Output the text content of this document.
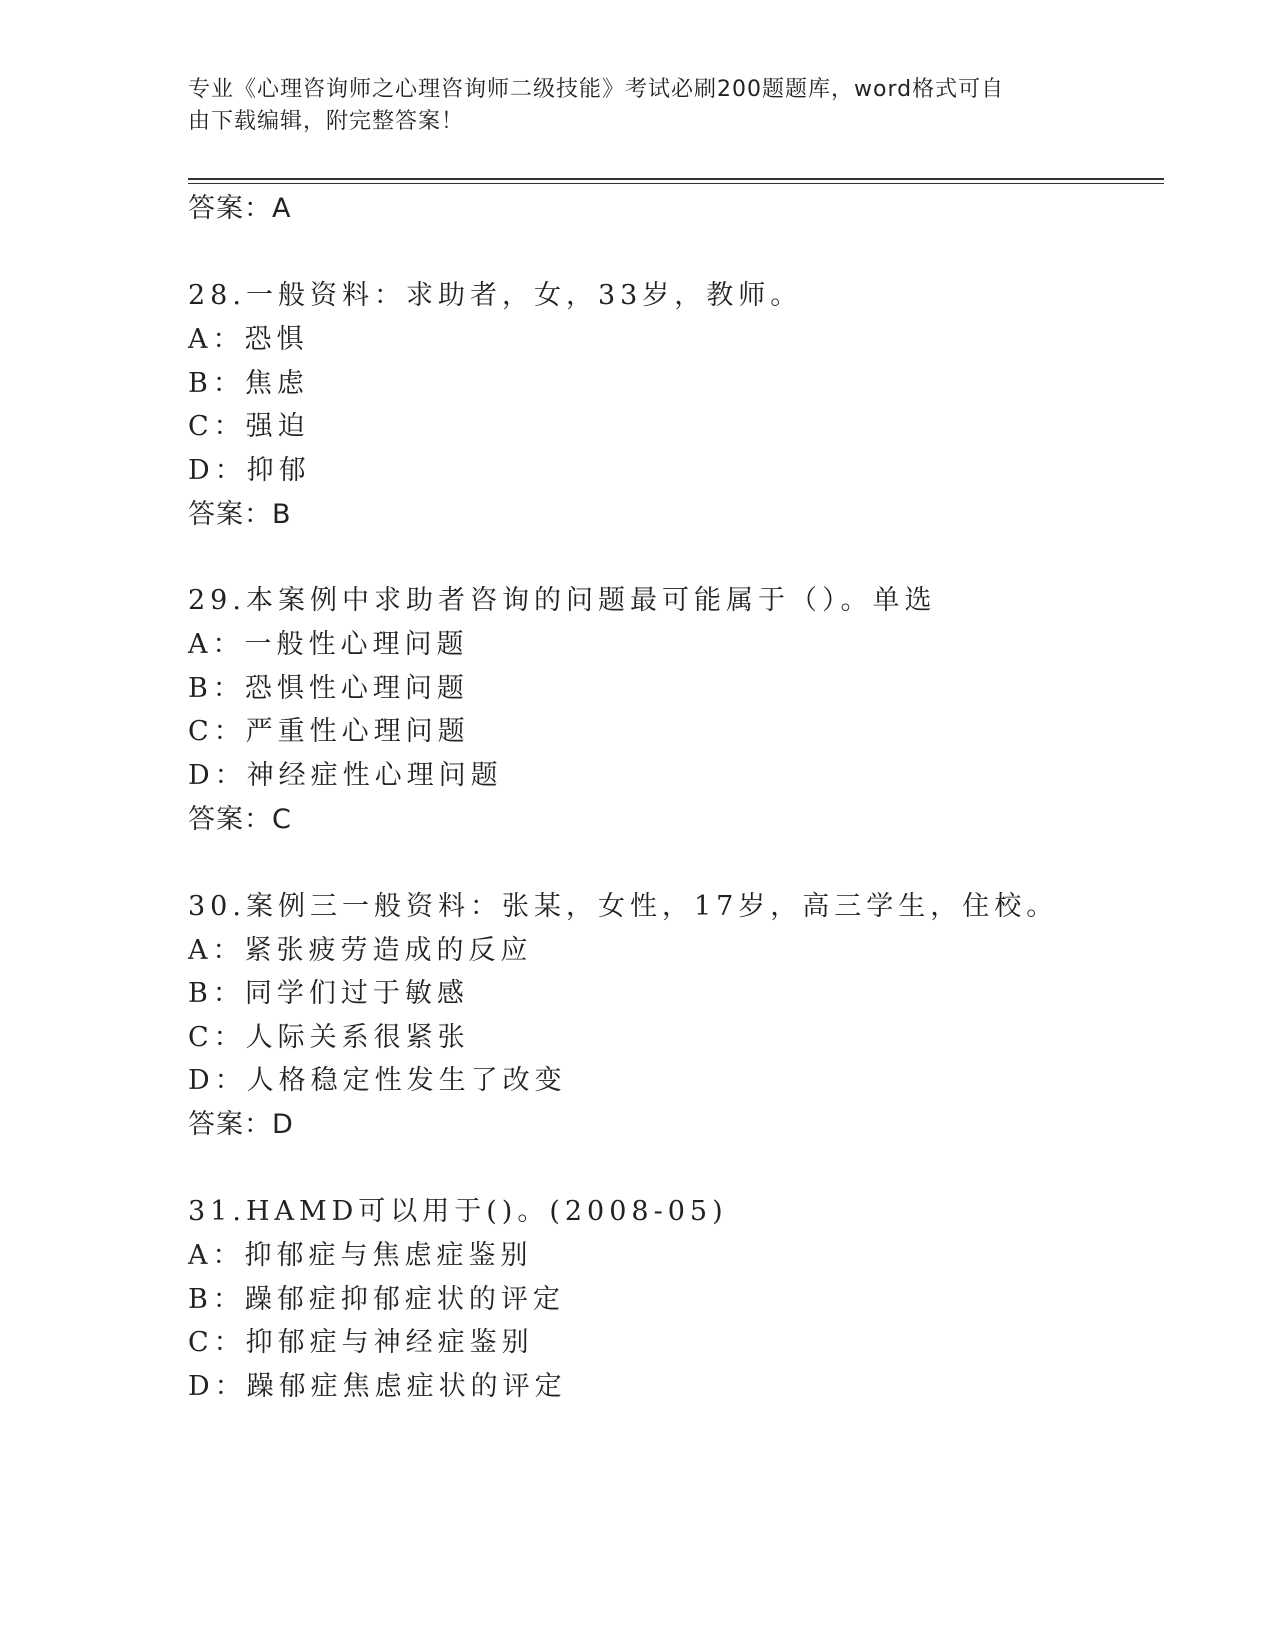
专业《心理咨询师之心理咨询师二级技能》考试必刷200题题库，word格式可自
由下载编辑，附完整答案！
答案：A
28.一般资料：求助者，女，33岁，教师。
A：恐惧
B：焦虑
C：强迫
D：抑郁
答案：B
29.本案例中求助者咨询的问题最可能属于（）。单选
A：一般性心理问题
B：恐惧性心理问题
C：严重性心理问题
D：神经症性心理问题
答案：C
30.案例三一般资料：张某，女性，17岁，高三学生，住校。
A：紧张疲劳造成的反应
B：同学们过于敏感
C：人际关系很紧张
D：人格稳定性发生了改变
答案：D
31.HAMD可以用于()。(2008-05)
A：抑郁症与焦虑症鉴别
B：躁郁症抑郁症状的评定
C：抑郁症与神经症鉴别
D：躁郁症焦虑症状的评定
